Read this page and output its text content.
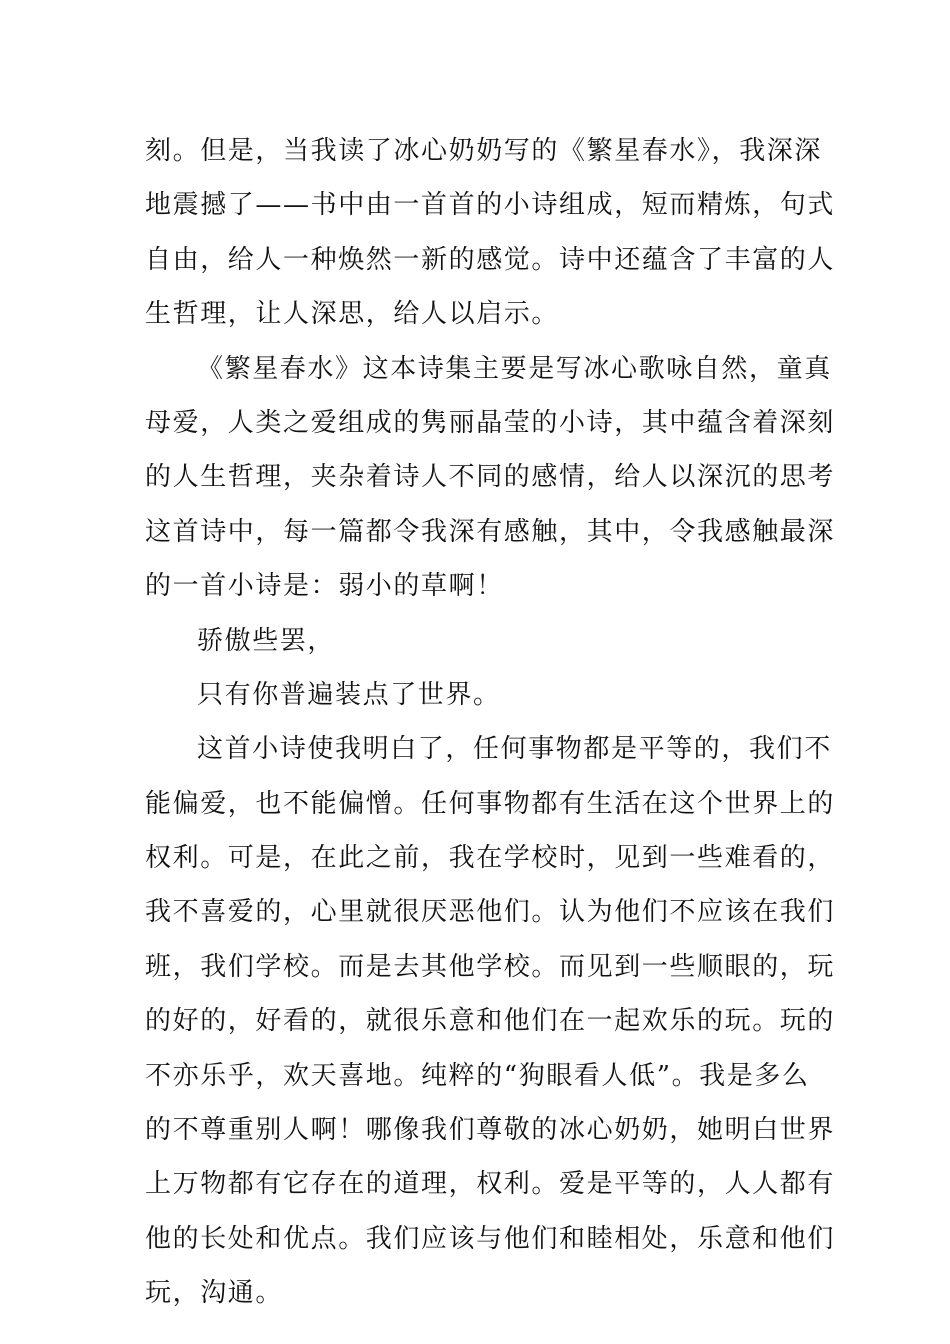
刻。但是，当我读了冰心奶奶写的《繁星春水》，我深深
地震撼了——书中由一首首的小诗组成，短而精炼，句式
自由，给人一种焕然一新的感觉。诗中还蕴含了丰富的人
生哲理，让人深思，给人以启示。
《繁星春水》这本诗集主要是写冰心歌咏自然，童真
母爱，人类之爱组成的隽丽晶莹的小诗，其中蕴含着深刻
的人生哲理，夹杂着诗人不同的感情，给人以深沉的思考
这首诗中，每一篇都令我深有感触，其中，令我感触最深
的一首小诗是：弱小的草啊！
骄傲些罢，
只有你普遍装点了世界。
这首小诗使我明白了，任何事物都是平等的，我们不
能偏爱，也不能偏憎。任何事物都有生活在这个世界上的
权利。可是，在此之前，我在学校时，见到一些难看的，
我不喜爱的，心里就很厌恶他们。认为他们不应该在我们
班，我们学校。而是去其他学校。而见到一些顺眼的，玩
的好的，好看的，就很乐意和他们在一起欢乐的玩。玩的
不亦乐乎，欢天喜地。纯粹的“狗眼看人低”。我是多么
的不尊重别人啊！哪像我们尊敬的冰心奶奶，她明白世界
上万物都有它存在的道理，权利。爱是平等的，人人都有
他的长处和优点。我们应该与他们和睦相处，乐意和他们
玩，沟通。
